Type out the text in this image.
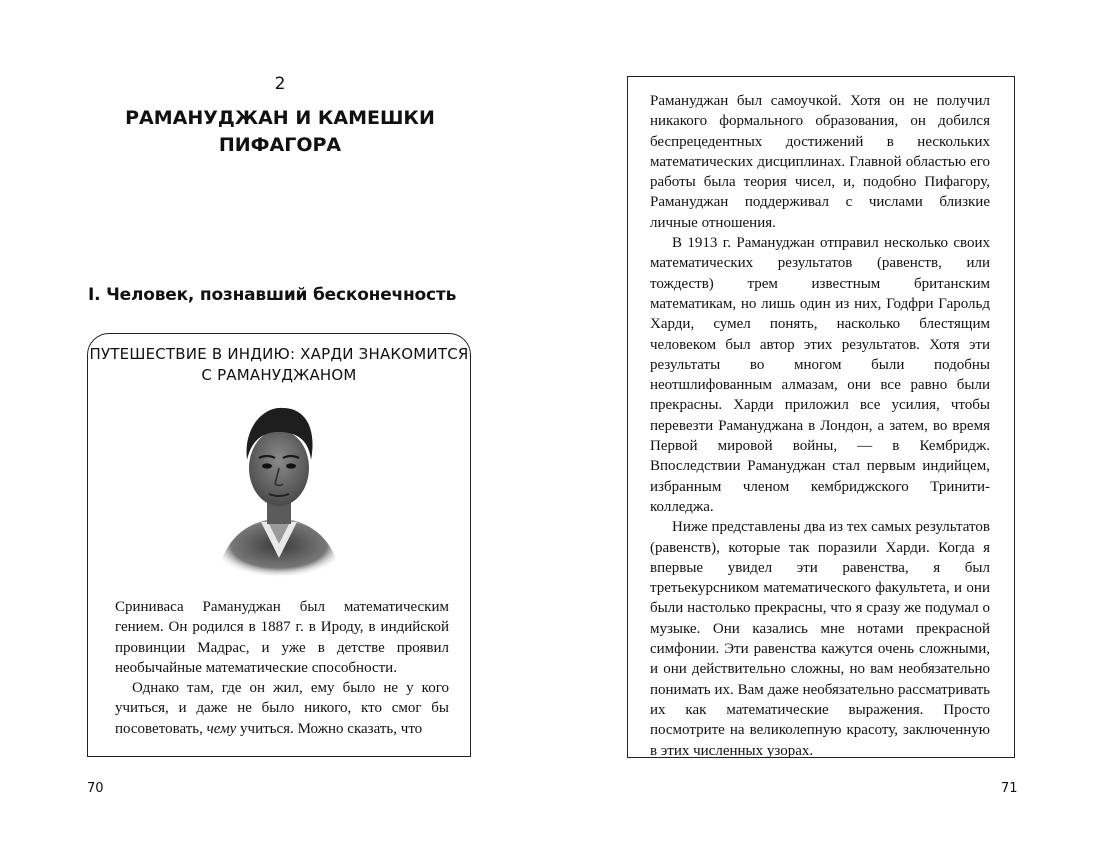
2
РАМАНУДЖАН И КАМЕШКИ ПИФАГОРА
I. Человек, познавший бесконечность
ПУТЕШЕСТВИЕ В ИНДИЮ: ХАРДИ ЗНАКОМИТСЯ С РАМАНУДЖАНОМ

Сриниваса Рамануджан был математическим гением. Он родился в 1887 г. в Ироду, в индийской провинции Мадрас, и уже в детстве проявил необычайные математические способности.

Однако там, где он жил, ему было не у кого учиться, и даже не было никого, кто смог бы посоветовать, чему учиться. Можно сказать, что

70

Рамануджан был самоучкой. Хотя он не получил никакого формального образования, он добился беспрецедентных достижений в нескольких математических дисциплинах. Главной областью его работы была теория чисел, и, подобно Пифагору, Рамануджан поддерживал с числами близкие личные отношения.

В 1913 г. Рамануджан отправил несколько своих математических результатов (равенств, или тождеств) трем известным британским математикам, но лишь один из них, Годфри Гарольд Харди, сумел понять, насколько блестящим человеком был автор этих результатов. Хотя эти результаты во многом были подобны неотшлифованным алмазам, они все равно были прекрасны. Харди приложил все усилия, чтобы перевезти Рамануджана в Лондон, а затем, во время Первой мировой войны, — в Кембридж. Впоследствии Рамануджан стал первым индийцем, избранным членом кембриджского Тринити-колледжа.

Ниже представлены два из тех самых результатов (равенств), которые так поразили Харди. Когда я впервые увидел эти равенства, я был третьекурсником математического факультета, и они были настолько прекрасны, что я сразу же подумал о музыке. Они казались мне нотами прекрасной симфонии. Эти равенства кажутся очень сложными, и они действительно сложны, но вам необязательно понимать их. Вам даже необязательно рассматривать их как математические выражения. Просто посмотрите на великолепную красоту, заключенную в этих численных узорах.

71
